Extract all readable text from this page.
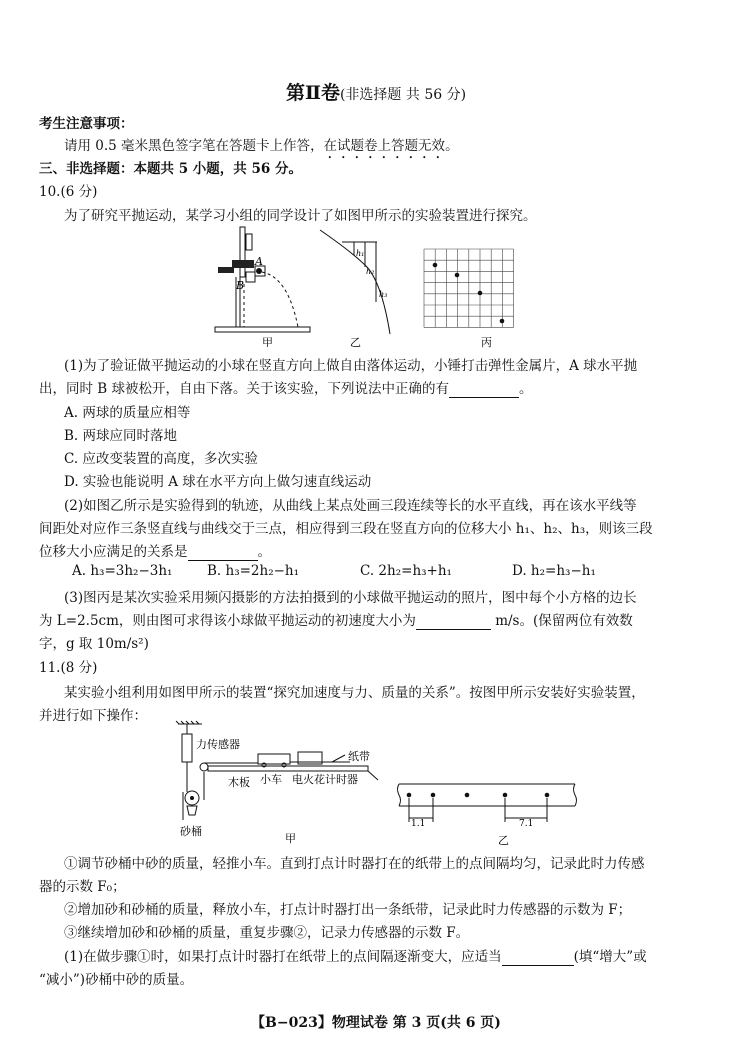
第Ⅱ卷(非选择题 共 56 分)
考生注意事项：
请用 0.5 毫米黑色签字笔在答题卡上作答，在试题卷上答题无效。
三、非选择题：本题共 5 小题，共 56 分。
10.(6 分)
为了研究平抛运动，某学习小组的同学设计了如图甲所示的实验装置进行探究。
A
B
甲
h₁
h₂
h₃
乙	丙
(1)为了验证做平抛运动的小球在竖直方向上做自由落体运动，小锤打击弹性金属片，A 球水平抛
出，同时 B 球被松开，自由下落。关于该实验，下列说法中正确的有	。
A. 两球的质量应相等
B. 两球应同时落地
C. 应改变装置的高度，多次实验
D. 实验也能说明 A 球在水平方向上做匀速直线运动
(2)如图乙所示是实验得到的轨迹，从曲线上某点处画三段连续等长的水平直线，再在该水平线等
间距处对应作三条竖直线与曲线交于三点，相应得到三段在竖直方向的位移大小 h₁、h₂、h₃，则该三段
位移大小应满足的关系是	。
A. h₃=3h₂−3h₁	B. h₃=2h₂−h₁	C. 2h₂=h₃+h₁	D. h₂=h₃−h₁
(3)图丙是某次实验采用频闪摄影的方法拍摄到的小球做平抛运动的照片，图中每个小方格的边长
为 L=2.5cm，则由图可求得该小球做平抛运动的初速度大小为	m/s。(保留两位有效数
字，g 取 10m/s²)
11.(8 分)
某实验小组利用如图甲所示的装置“探究加速度与力、质量的关系”。按图甲所示安装好实验装置，
并进行如下操作：
力传感器
纸带
木板 小车 电火花计时器
砂桶
甲
1.1	7.1
乙
①调节砂桶中砂的质量，轻推小车。直到打点计时器打在的纸带上的点间隔均匀，记录此时力传感
器的示数 F₀；
②增加砂和砂桶的质量，释放小车，打点计时器打出一条纸带，记录此时力传感器的示数为 F；
③继续增加砂和砂桶的质量，重复步骤②，记录力传感器的示数 F。
(1)在做步骤①时，如果打点计时器打在纸带上的点间隔逐渐变大，应适当	(填“增大”或
“减小”)砂桶中砂的质量。
【B−023】物理试卷 第 3 页(共 6 页)
